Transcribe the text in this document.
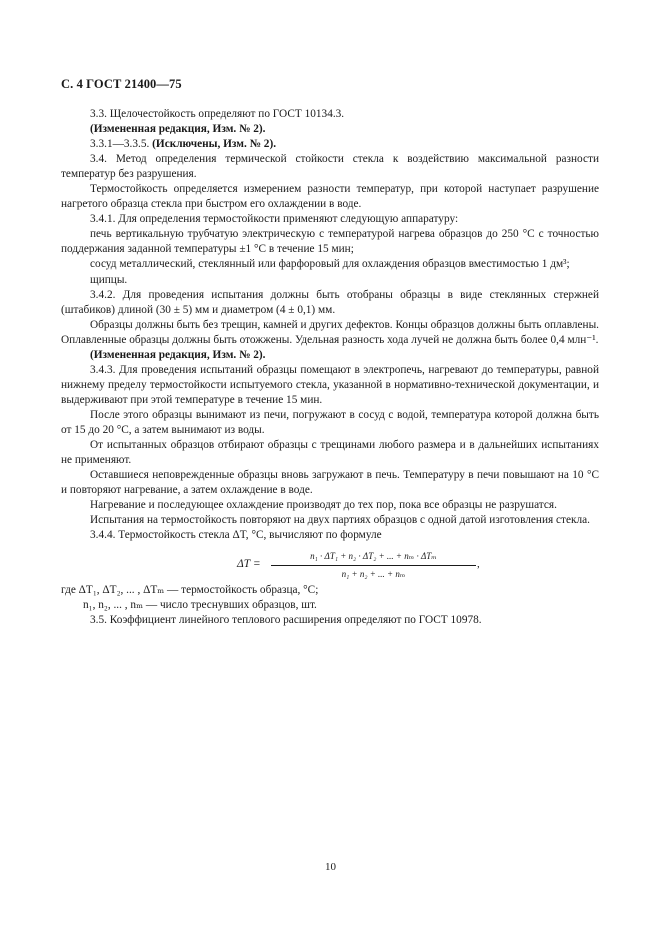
С. 4 ГОСТ 21400—75

3.3. Щелочестойкость определяют по ГОСТ 10134.3.

(Измененная редакция, Изм. № 2).

3.3.1—3.3.5. (Исключены, Изм. № 2).

3.4. Метод определения термической стойкости стекла к воздействию максимальной разности температур без разрушения.

Термостойкость определяется измерением разности температур, при которой наступает разрушение нагретого образца стекла при быстром его охлаждении в воде.

3.4.1. Для определения термостойкости применяют следующую аппаратуру:

печь вертикальную трубчатую электрическую с температурой нагрева образцов до 250 °C с точностью поддержания заданной температуры ±1 °C в течение 15 мин;

сосуд металлический, стеклянный или фарфоровый для охлаждения образцов вместимостью 1 дм³;

щипцы.

3.4.2. Для проведения испытания должны быть отобраны образцы в виде стеклянных стержней (штабиков) длиной (30 ± 5) мм и диаметром (4 ± 0,1) мм.

Образцы должны быть без трещин, камней и других дефектов. Концы образцов должны быть оплавлены. Оплавленные образцы должны быть отожжены. Удельная разность хода лучей не должна быть более 0,4 млн⁻¹.

(Измененная редакция, Изм. № 2).

3.4.3. Для проведения испытаний образцы помещают в электропечь, нагревают до температуры, равной нижнему пределу термостойкости испытуемого стекла, указанной в нормативно-технической документации, и выдерживают при этой температуре в течение 15 мин.

После этого образцы вынимают из печи, погружают в сосуд с водой, температура которой должна быть от 15 до 20 °C, а затем вынимают из воды.

От испытанных образцов отбирают образцы с трещинами любого размера и в дальнейших испытаниях не применяют.

Оставшиеся неповрежденные образцы вновь загружают в печь. Температуру в печи повышают на 10 °C и повторяют нагревание, а затем охлаждение в воде.

Нагревание и последующее охлаждение производят до тех пор, пока все образцы не разрушатся.

Испытания на термостойкость повторяют на двух партиях образцов с одной датой изготовления стекла.

3.4.4. Термостойкость стекла ΔT, °C, вычисляют по формуле

ΔT =
n₁ · ΔT₁ + n₂ · ΔT₂ + ... + nₘ · ΔTₘ
n₁ + n₂ + ... + nₘ
,

где ΔT₁, ΔT₂, ... , ΔTₘ — термостойкость образца, °C;

n₁, n₂, ... , nₘ — число треснувших образцов, шт.

3.5. Коэффициент линейного теплового расширения определяют по ГОСТ 10978.

10
